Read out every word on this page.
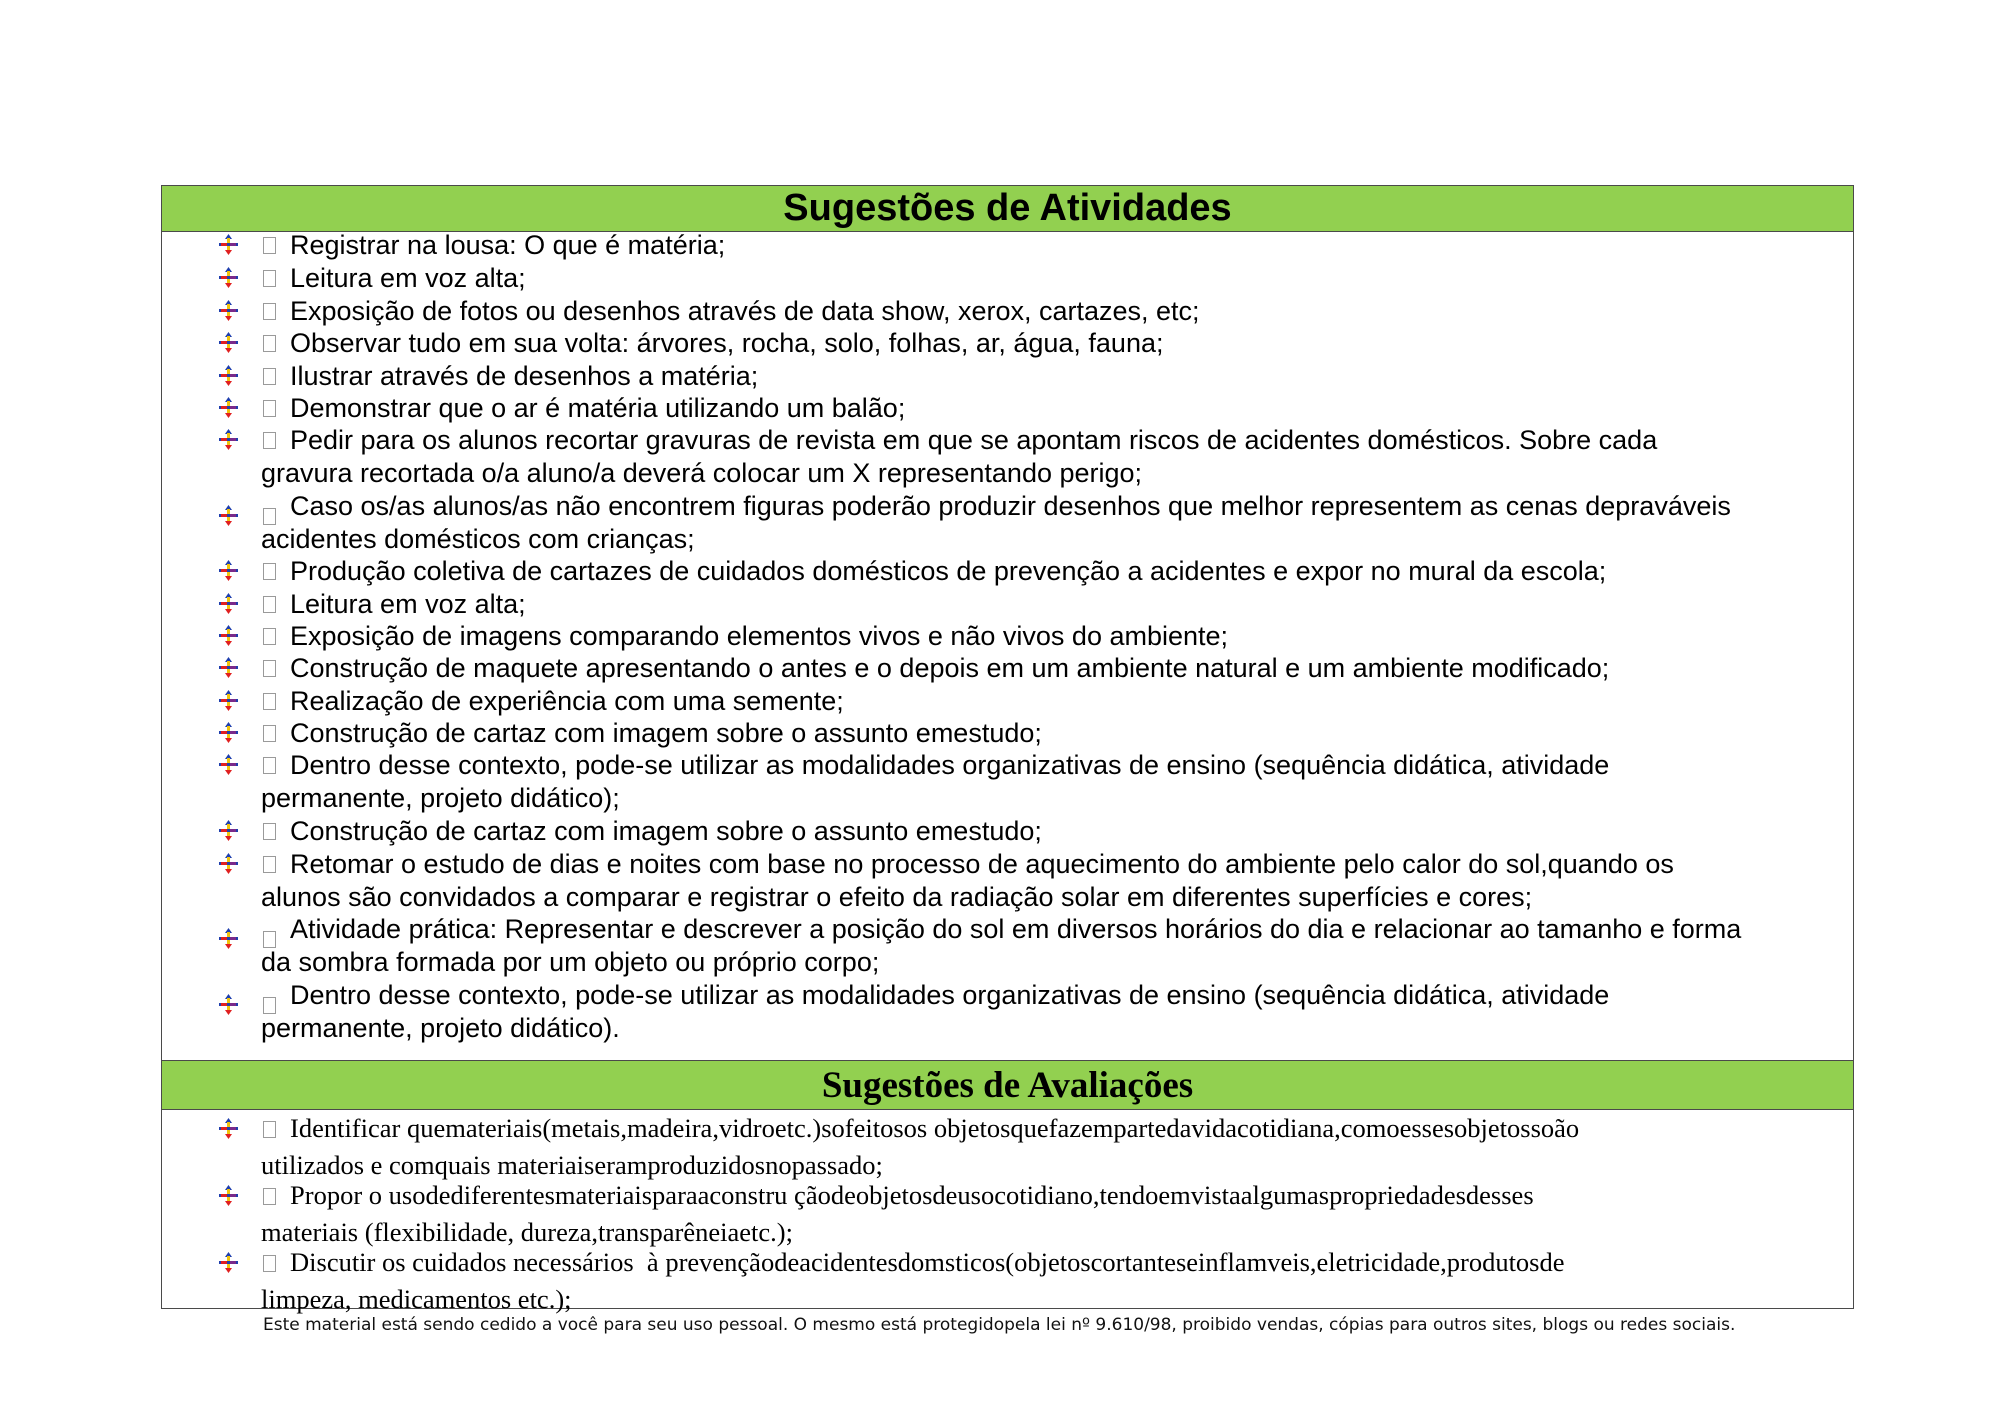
Sugestões de Atividades
Registrar na lousa: O que é matéria;
Leitura em voz alta;
Exposição de fotos ou desenhos através de data show, xerox, cartazes, etc;
Observar tudo em sua volta: árvores, rocha, solo, folhas, ar, água, fauna;
Ilustrar através de desenhos a matéria;
Demonstrar que o ar é matéria utilizando um balão;
Pedir para os alunos recortar gravuras de revista em que se apontam riscos de acidentes domésticos. Sobre cada
gravura recortada o/a aluno/a deverá colocar um X representando perigo;
Caso os/as alunos/as não encontrem figuras poderão produzir desenhos que melhor representem as cenas depraváveis
acidentes domésticos com crianças;
Produção coletiva de cartazes de cuidados domésticos de prevenção a acidentes e expor no mural da escola;
Leitura em voz alta;
Exposição de imagens comparando elementos vivos e não vivos do ambiente;
Construção de maquete apresentando o antes e o depois em um ambiente natural e um ambiente modificado;
Realização de experiência com uma semente;
Construção de cartaz com imagem sobre o assunto emestudo;
Dentro desse contexto, pode-se utilizar as modalidades organizativas de ensino (sequência didática, atividade
permanente, projeto didático);
Construção de cartaz com imagem sobre o assunto emestudo;
Retomar o estudo de dias e noites com base no processo de aquecimento do ambiente pelo calor do sol,quando os
alunos são convidados a comparar e registrar o efeito da radiação solar em diferentes superfícies e cores;
Atividade prática: Representar e descrever a posição do sol em diversos horários do dia e relacionar ao tamanho e forma
da sombra formada por um objeto ou próprio corpo;
Dentro desse contexto, pode-se utilizar as modalidades organizativas de ensino (sequência didática, atividade
permanente, projeto didático).
Sugestões de Avaliações
Identificar quemateriais(metais,madeira,vidroetc.)sofeitosos objetosquefazempartedavidacotidiana,comoessesobjetossoão
utilizados e comquais materiaiseramproduzidosnopassado;
Propor o usodediferentesmateriaisparaaconstru çãodeobjetosdeusocotidiano,tendoemvistaalgumaspropriedadesdesses
materiais (flexibilidade, dureza,transparêneiaetc.);
Discutir os cuidados necessários  à prevençãodeacidentesdomsticos(objetoscortanteseinflamveis,eletricidade,produtosde
limpeza, medicamentos etc.);
Este material está sendo cedido a você para seu uso pessoal. O mesmo está protegidopela lei nº 9.610/98, proibido vendas, cópias para outros sites, blogs ou redes sociais.
